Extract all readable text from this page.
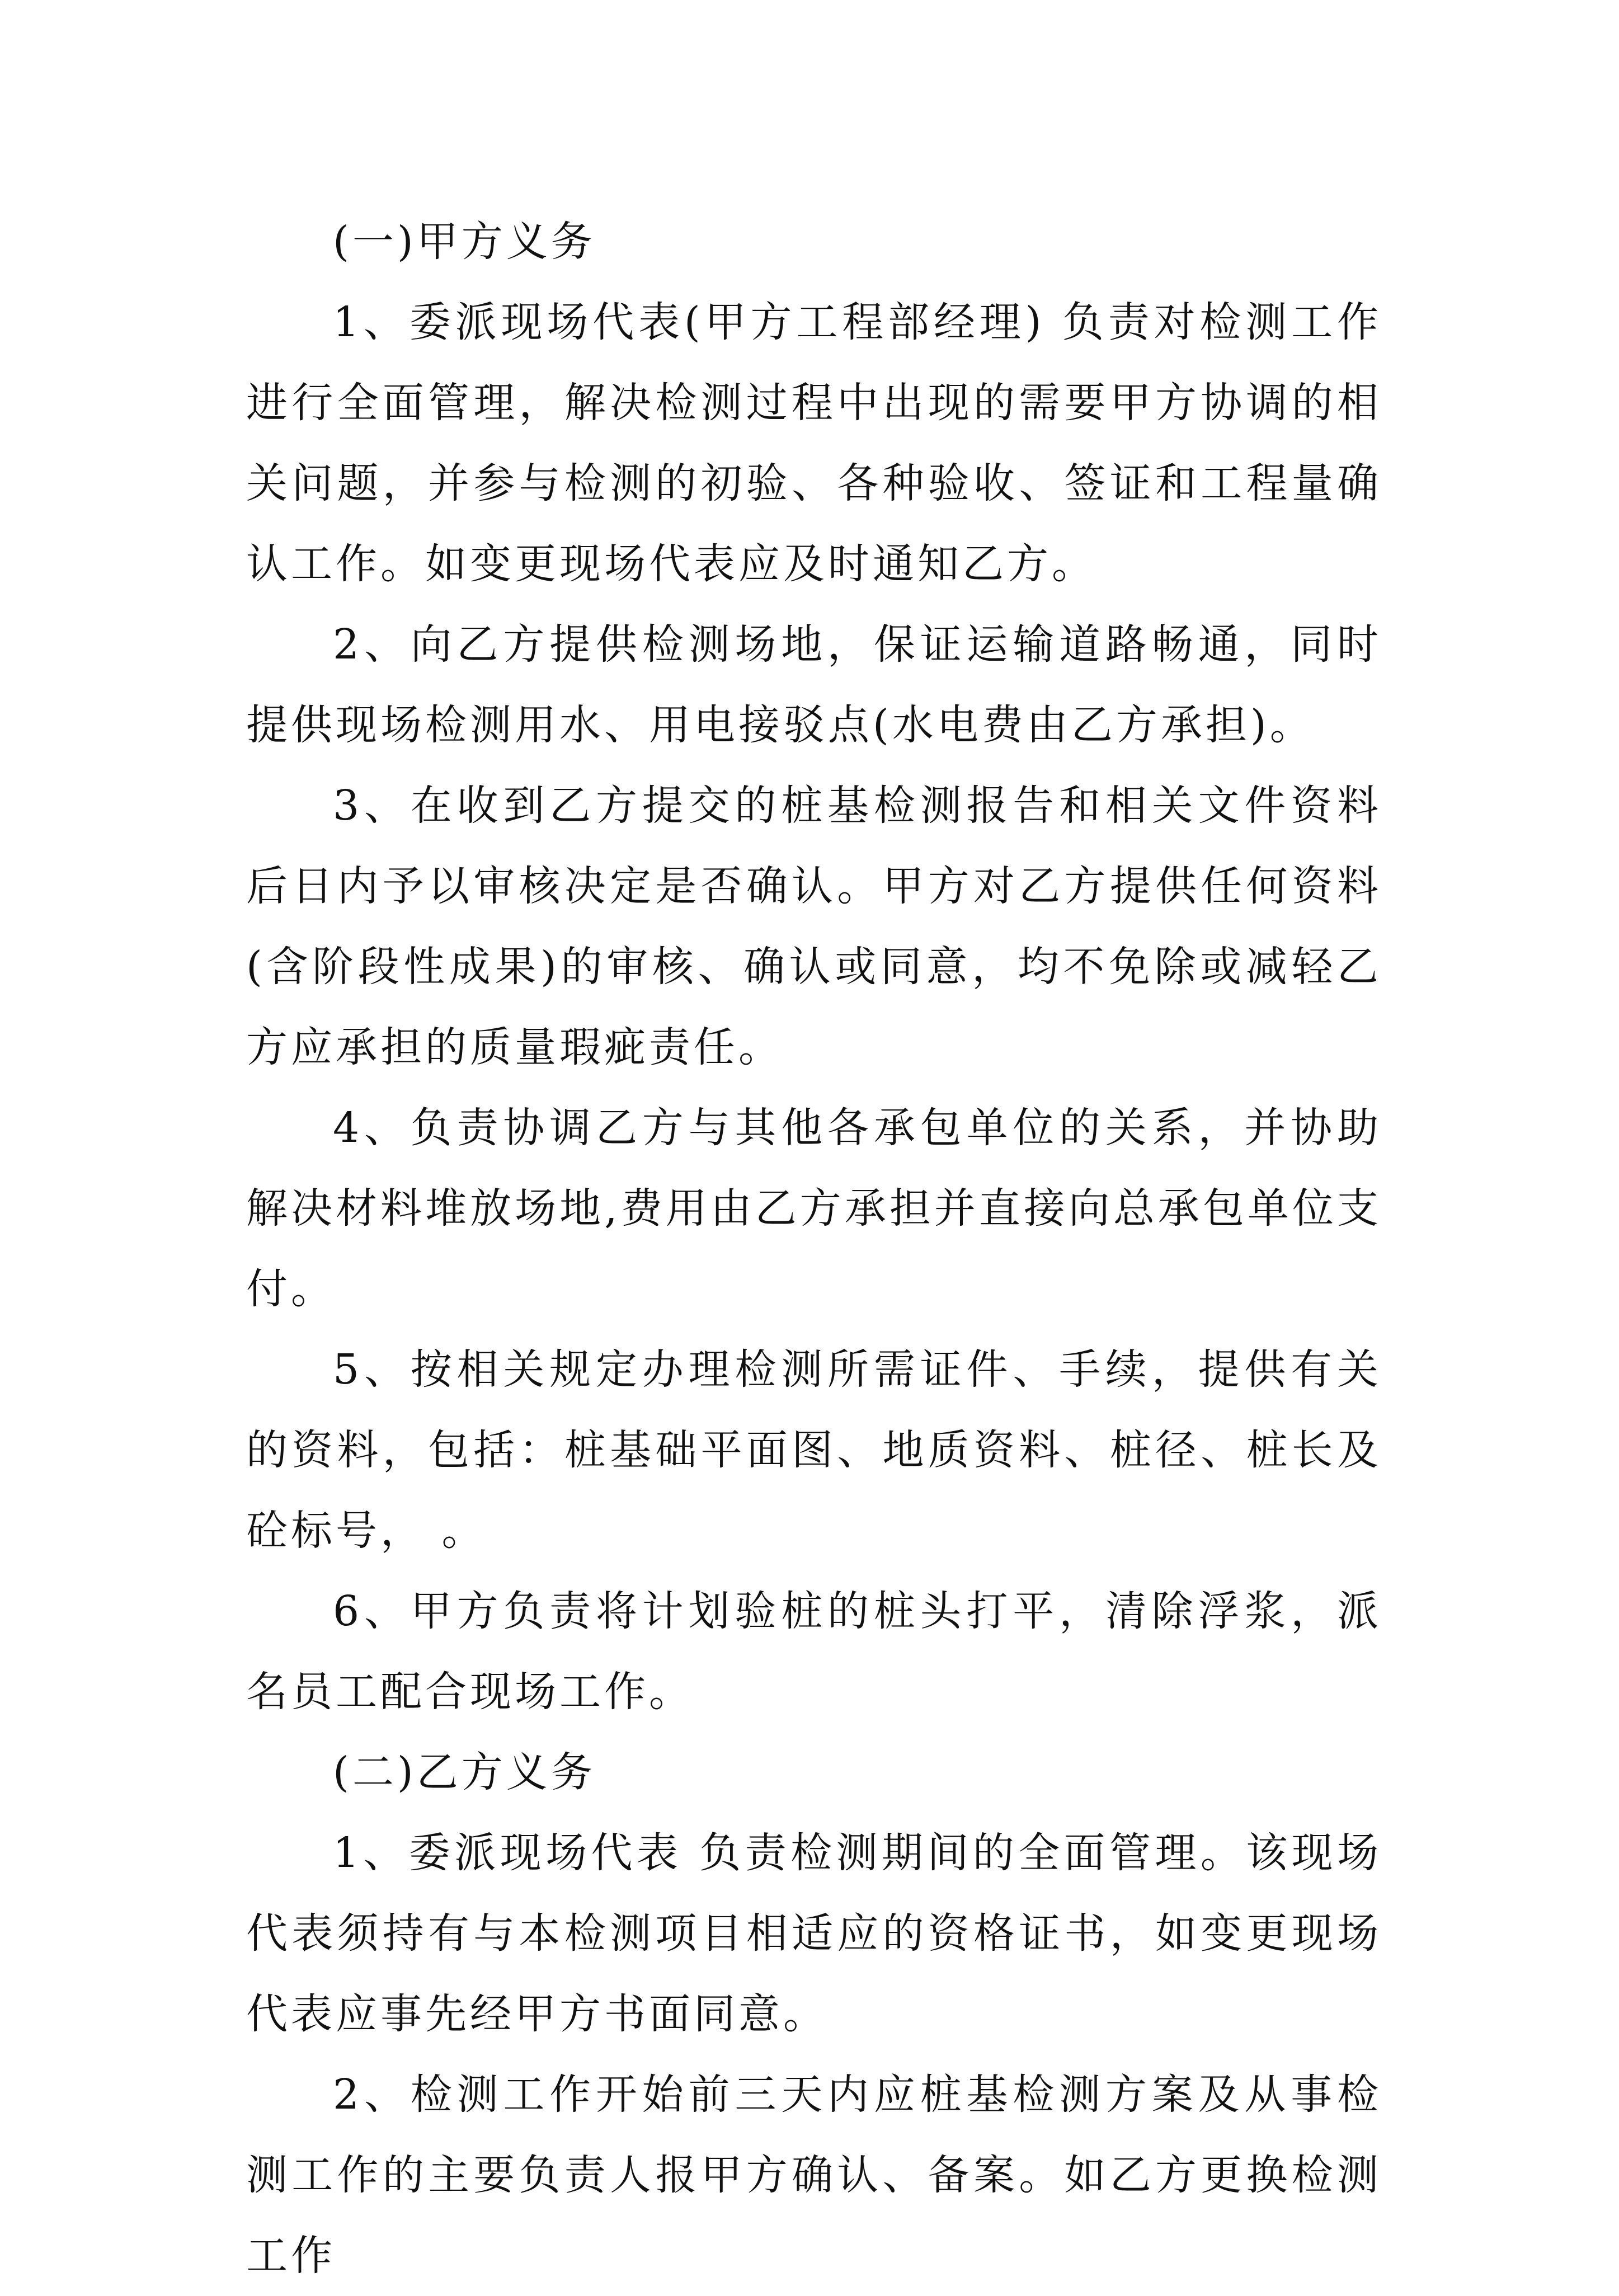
(一)甲方义务

1、委派现场代表(甲方工程部经理) 负责对检测工作进行全面管理，解决检测过程中出现的需要甲方协调的相关问题，并参与检测的初验、各种验收、签证和工程量确认工作。如变更现场代表应及时通知乙方。

2、向乙方提供检测场地，保证运输道路畅通，同时提供现场检测用水、用电接驳点(水电费由乙方承担)。

3、在收到乙方提交的桩基检测报告和相关文件资料后日内予以审核决定是否确认。甲方对乙方提供任何资料(含阶段性成果)的审核、确认或同意，均不免除或减轻乙方应承担的质量瑕疵责任。

4、负责协调乙方与其他各承包单位的关系，并协助解决材料堆放场地,费用由乙方承担并直接向总承包单位支付。

5、按相关规定办理检测所需证件、手续，提供有关的资料，包括：桩基础平面图、地质资料、桩径、桩长及砼标号， 。

6、甲方负责将计划验桩的桩头打平，清除浮浆，派 名员工配合现场工作。

(二)乙方义务

1、委派现场代表 负责检测期间的全面管理。该现场代表须持有与本检测项目相适应的资格证书，如变更现场代表应事先经甲方书面同意。

2、检测工作开始前三天内应桩基检测方案及从事检测工作的主要负责人报甲方确认、备案。如乙方更换检测工作
